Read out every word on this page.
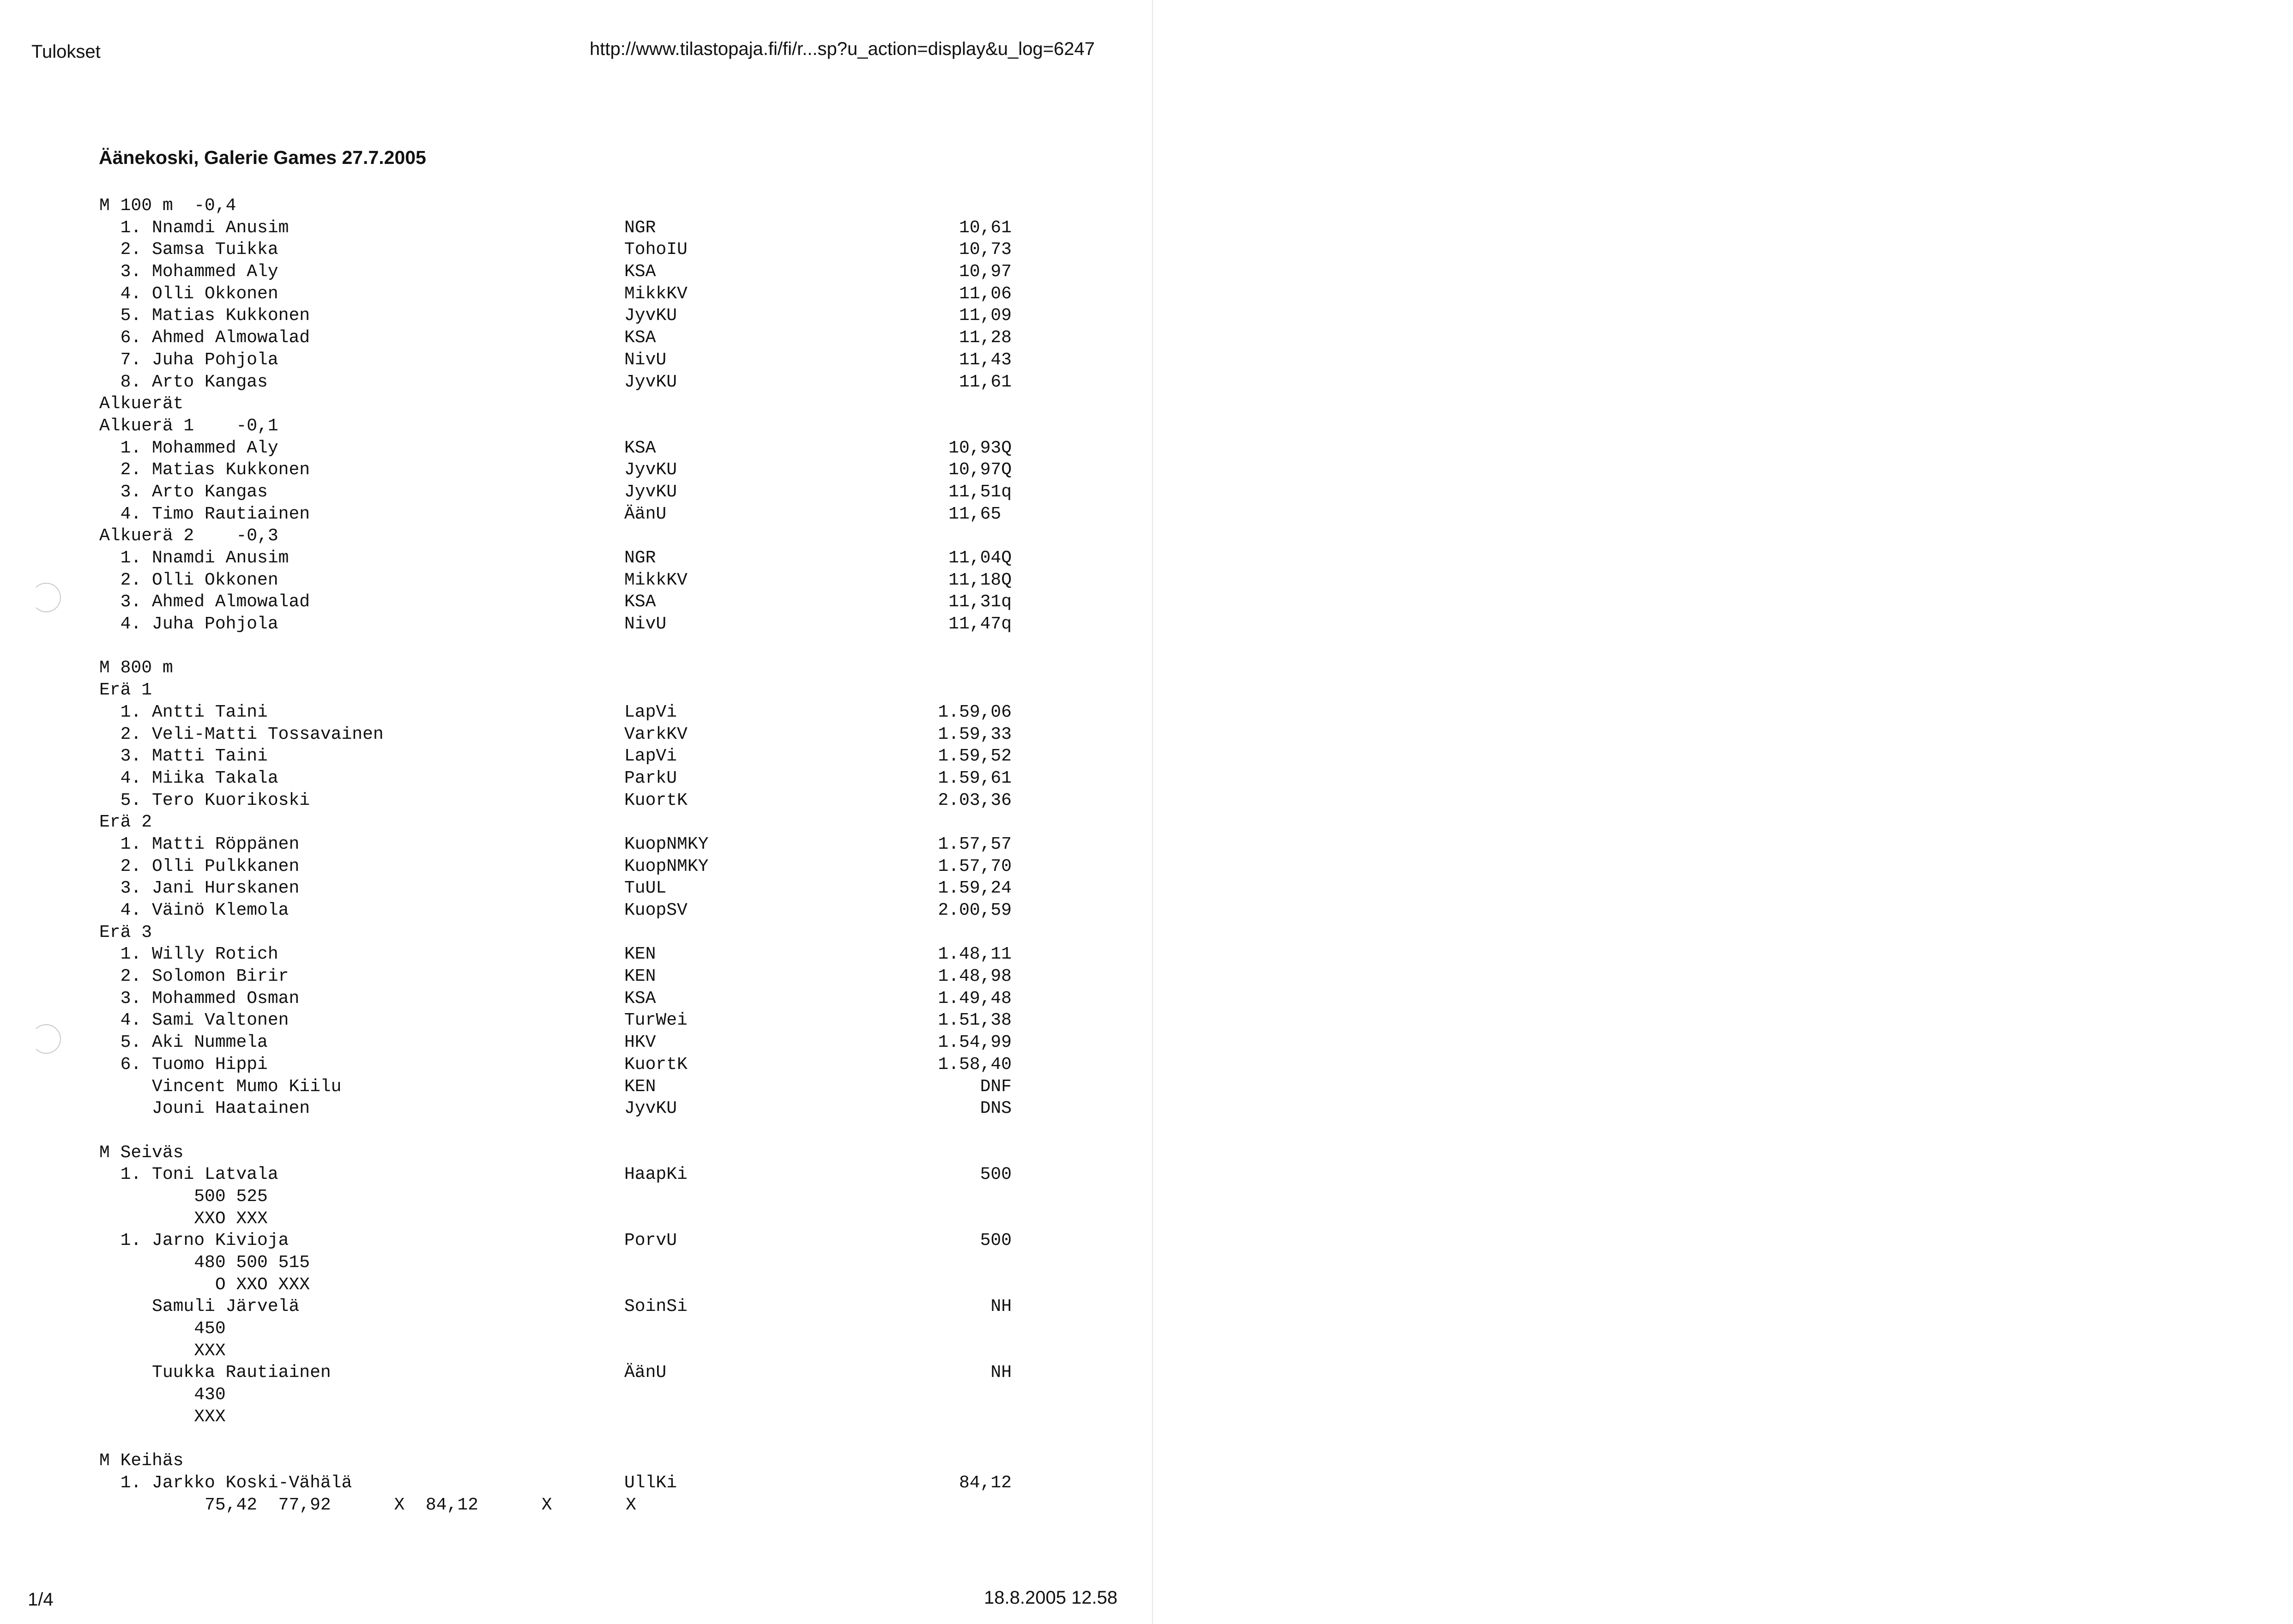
Tulokset	http://www.tilastopaja.fi/fi/r...sp?u_action=display&u_log=6247
Äänekoski, Galerie Games 27.7.2005
M 100 m  -0,4
1. Nnamdi Anusim	NGR	10,61
2. Samsa Tuikka	TohoIU	10,73
3. Mohammed Aly	KSA	10,97
4. Olli Okkonen	MikkKV	11,06
5. Matias Kukkonen	JyvKU	11,09
6. Ahmed Almowalad	KSA	11,28
7. Juha Pohjola	NivU	11,43
8. Arto Kangas	JyvKU	11,61
Alkuerät
Alkuerä 1    -0,1
1. Mohammed Aly	KSA	10,93Q
2. Matias Kukkonen	JyvKU	10,97Q
3. Arto Kangas	JyvKU	11,51q
4. Timo Rautiainen	ÄänU	11,65
Alkuerä 2    -0,3
1. Nnamdi Anusim	NGR	11,04Q
2. Olli Okkonen	MikkKV	11,18Q
3. Ahmed Almowalad	KSA	11,31q
4. Juha Pohjola	NivU	11,47q
M 800 m
Erä 1
1. Antti Taini	LapVi	1.59,06
2. Veli-Matti Tossavainen	VarkKV	1.59,33
3. Matti Taini	LapVi	1.59,52
4. Miika Takala	ParkU	1.59,61
5. Tero Kuorikoski	KuortK	2.03,36
Erä 2
1. Matti Röppänen	KuopNMKY	1.57,57
2. Olli Pulkkanen	KuopNMKY	1.57,70
3. Jani Hurskanen	TuUL	1.59,24
4. Väinö Klemola	KuopSV	2.00,59
Erä 3
1. Willy Rotich	KEN	1.48,11
2. Solomon Birir	KEN	1.48,98
3. Mohammed Osman	KSA	1.49,48
4. Sami Valtonen	TurWei	1.51,38
5. Aki Nummela	HKV	1.54,99
6. Tuomo Hippi	KuortK	1.58,40
Vincent Mumo Kiilu	KEN	DNF
Jouni Haatainen	JyvKU	DNS
M Seiväs
1. Toni Latvala	HaapKi	500
500 525
XXO XXX
1. Jarno Kivioja	PorvU	500
480 500 515
O XXO XXX
Samuli Järvelä	SoinSi	NH
450
XXX
Tuukka Rautiainen	ÄänU	NH
430
XXX
M Keihäs
1. Jarkko Koski-Vähälä	UllKi	84,12
75,42  77,92      X  84,12      X       X
1/4	18.8.2005 12.58
